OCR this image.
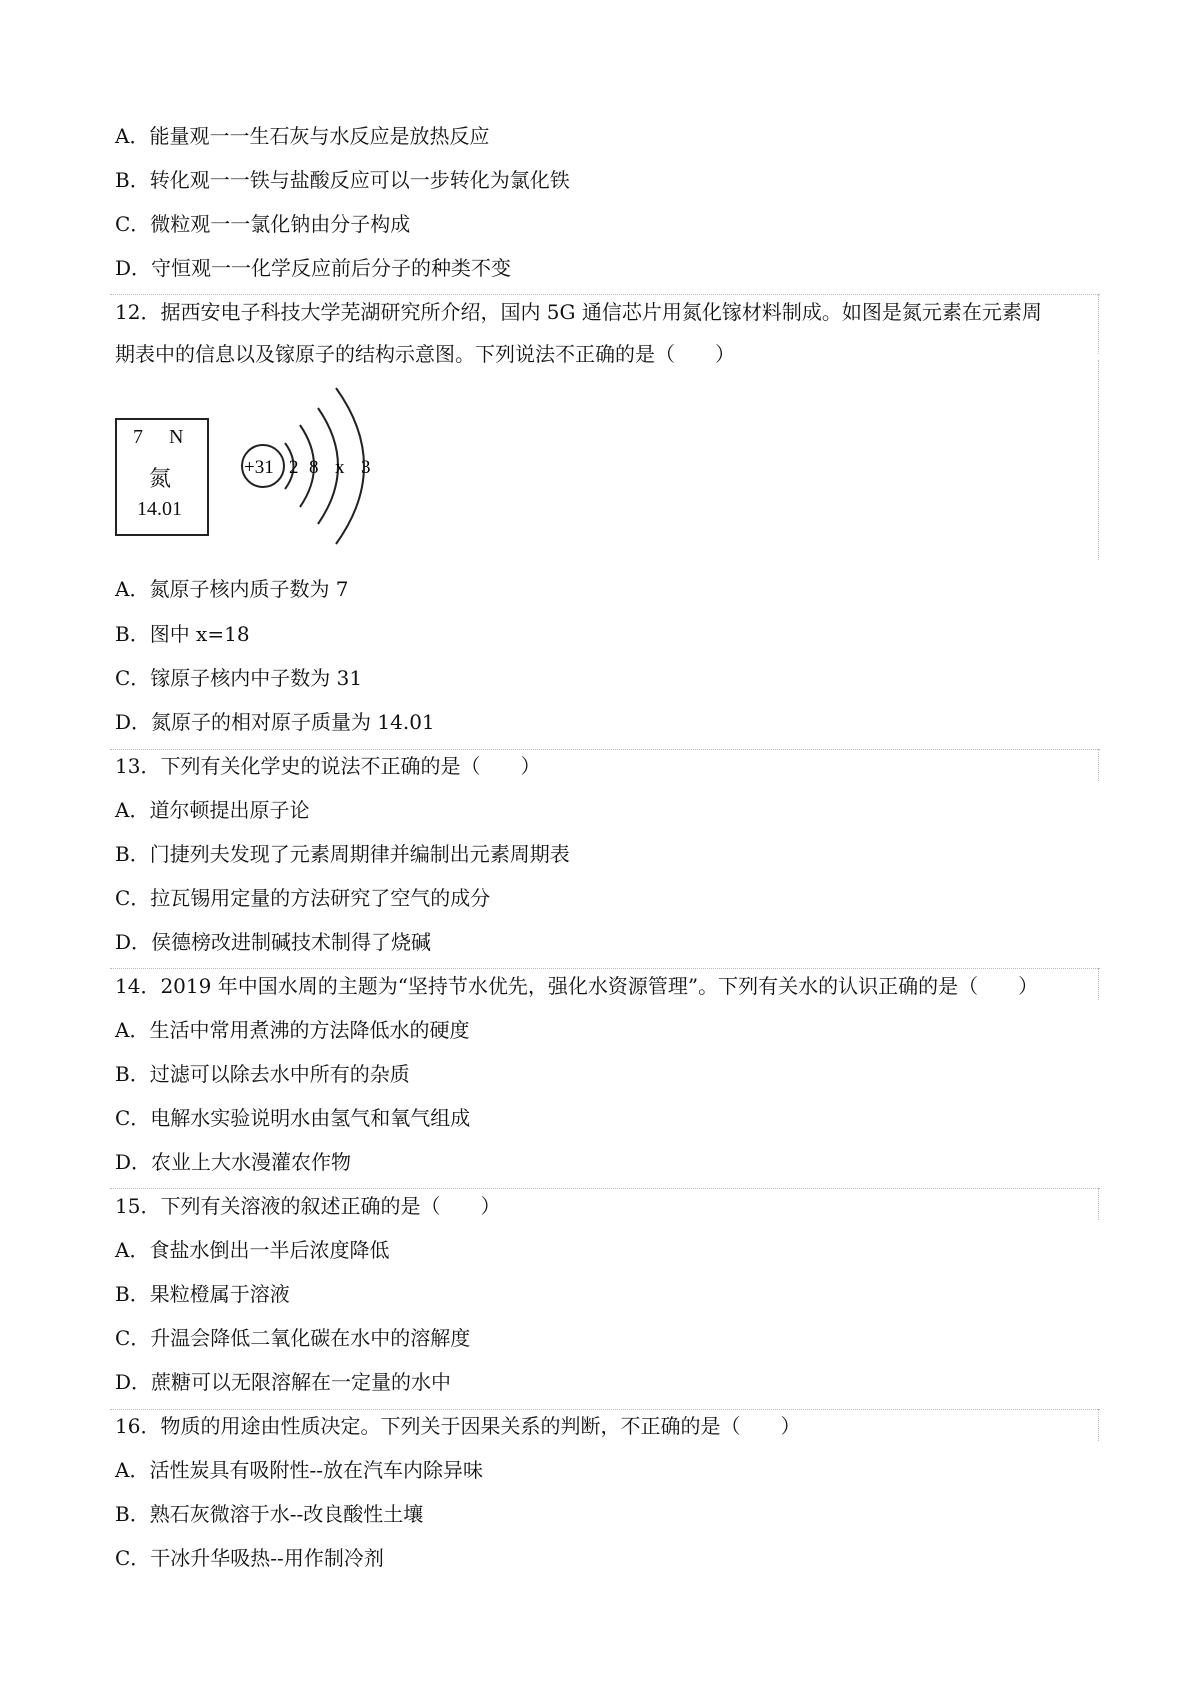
A．能量观一一生石灰与水反应是放热反应
B．转化观一一铁与盐酸反应可以一步转化为氯化铁
C．微粒观一一氯化钠由分子构成
D．守恒观一一化学反应前后分子的种类不变
12．据西安电子科技大学芜湖研究所介绍，国内 5G 通信芯片用氮化镓材料制成。如图是氮元素在元素周
期表中的信息以及镓原子的结构示意图。下列说法不正确的是（　　）
7 N
氮
14.01
+31 2 8 x 3
A．氮原子核内质子数为 7
B．图中 x=18
C．镓原子核内中子数为 31
D．氮原子的相对原子质量为 14.01
13．下列有关化学史的说法不正确的是（　　）
A．道尔顿提出原子论
B．门捷列夫发现了元素周期律并编制出元素周期表
C．拉瓦锡用定量的方法研究了空气的成分
D．侯德榜改进制碱技术制得了烧碱
14．2019 年中国水周的主题为“坚持节水优先，强化水资源管理”。下列有关水的认识正确的是（　　）
A．生活中常用煮沸的方法降低水的硬度
B．过滤可以除去水中所有的杂质
C．电解水实验说明水由氢气和氧气组成
D．农业上大水漫灌农作物
15．下列有关溶液的叙述正确的是（　　）
A．食盐水倒出一半后浓度降低
B．果粒橙属于溶液
C．升温会降低二氧化碳在水中的溶解度
D．蔗糖可以无限溶解在一定量的水中
16．物质的用途由性质决定。下列关于因果关系的判断，不正确的是（　　）
A．活性炭具有吸附性--放在汽车内除异味
B．熟石灰微溶于水--改良酸性土壤
C．干冰升华吸热--用作制冷剂
